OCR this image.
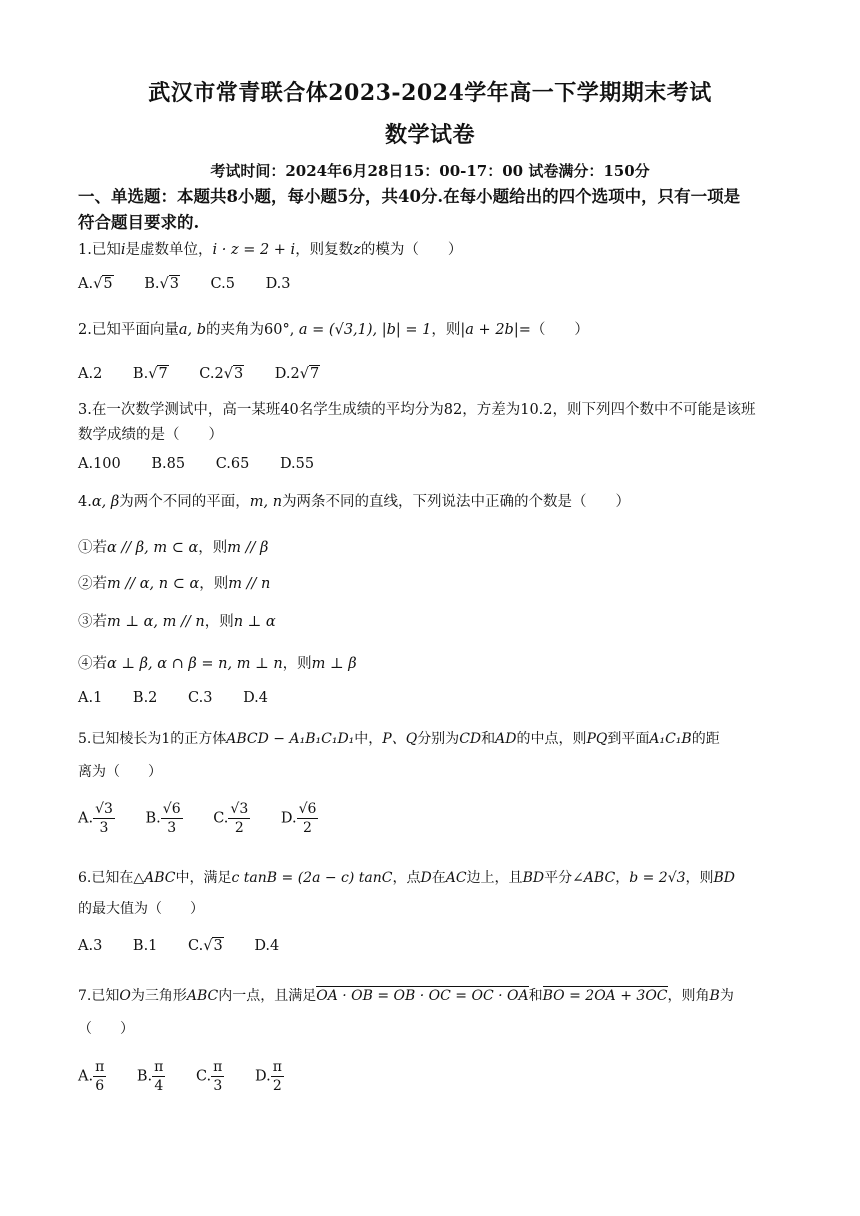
武汉市常青联合体2023-2024学年高一下学期期末考试
数学试卷
考试时间：2024年6月28日15：00-17：00 试卷满分：150分
一、单选题：本题共8小题，每小题5分，共40分.在每小题给出的四个选项中，只有一项是
符合题目要求的.
1.已知i是虚数单位，i · z = 2 + i，则复数z的模为（　　）
A.√5 B.√3 C.5 D.3
2.已知平面向量a, b的夹角为60°, a = (√3,1), |b| = 1，则|a + 2b|=（　　）
A.2 B.√7 C.2√3 D.2√7
3.在一次数学测试中，高一某班40名学生成绩的平均分为82，方差为10.2，则下列四个数中不可能是该班
数学成绩的是（　　）
A.100 B.85 C.65 D.55
4.α, β为两个不同的平面，m, n为两条不同的直线，下列说法中正确的个数是（　　）
①若α // β, m ⊂ α，则m // β
②若m // α, n ⊂ α，则m // n
③若m ⊥ α, m // n，则n ⊥ α
④若α ⊥ β, α ∩ β = n, m ⊥ n，则m ⊥ β
A.1 B.2 C.3 D.4
5.已知棱长为1的正方体ABCD − A₁B₁C₁D₁中，P、Q分别为CD和AD的中点，则PQ到平面A₁C₁B的距
离为（　　）
A. $\frac{√3}{3} B$. $\frac{√6}{3} C$. $\frac{√3}{2} D$. $\frac{√6}{2}$
6.已知在△ABC中，满足c tanB = (2a − c) tanC，点D在AC边上，且BD平分∠ABC，b = 2√3，则BD
的最大值为（　　）
A.3 B.1 C.√3 D.4
7.已知O为三角形ABC内一点，且满足OA · OB = OB · OC = OC · OA和BO = 2OA + 3OC，则角B为
（　　）
A. $\frac{\pi}{6} B$. $\frac{\pi}{4} C$. $\frac{\pi}{3} D$. $\frac{\pi}{2}$
